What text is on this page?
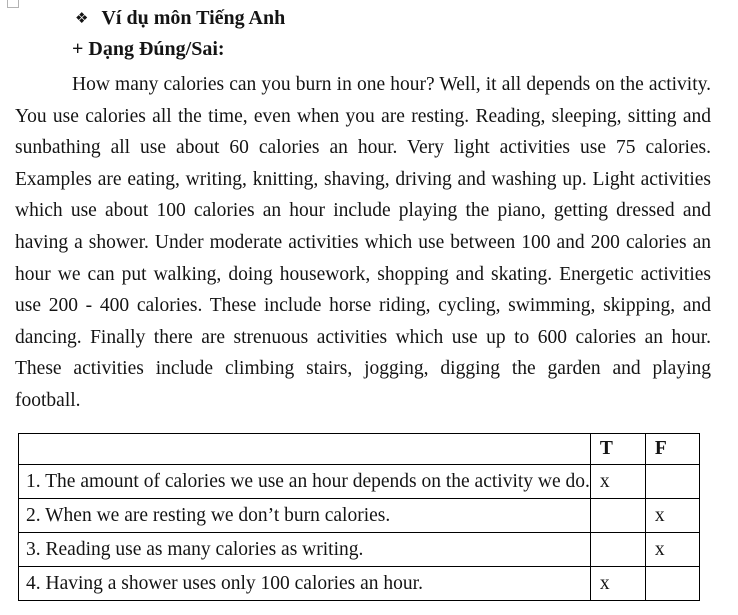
❖ Ví dụ môn Tiếng Anh
+ Dạng Đúng/Sai:

How many calories can you burn in one hour? Well, it all depends on the activity. You use calories all the time, even when you are resting. Reading, sleeping, sitting and sunbathing all use about 60 calories an hour. Very light activities use 75 calories. Examples are eating, writing, knitting, shaving, driving and washing up. Light activities which use about 100 calories an hour include playing the piano, getting dressed and having a shower. Under moderate activities which use between 100 and 200 calories an hour we can put walking, doing housework, shopping and skating. Energetic activities use 200 - 400 calories. These include horse riding, cycling, swimming, skipping, and dancing. Finally there are strenuous activities which use up to 600 calories an hour. These activities include climbing stairs, jogging, digging the garden and playing football.

	T	F
1. The amount of calories we use an hour depends on the activity we do.	x	
2. When we are resting we don’t burn calories.		x
3. Reading use as many calories as writing.		x
4. Having a shower uses only 100 calories an hour.	x	
